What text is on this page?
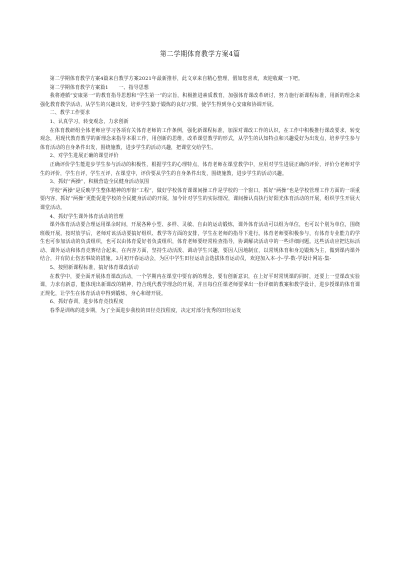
第二学期体育教学方案4篇

第二学期体育教学方案4篇来自教学方案2021年最新推荐，此文章来自精心整理，假如您喜欢，欢迎收藏一下吧。

第二学期体育教学方案篇1　　一、指导思想

我将遵循“安康第一”的教育指导思想和“学生第一”的宗旨，积极推进素质教育，加强体育课改革研讨，努力施行新课程标准，用新的理念来强化教育教学活动，从学生的兴趣出发，培养学生勤于锻炼的良好习惯，使学生得到身心安康和协调开展。

二、教学工作要求

1、认真学习，转变观念，力求创新

在体育教研组全体老师应学习各项有关体育老师的工作条例，强化新课程标准，加深对课改工作的认识，在工作中积极推行课改要求，转变观念，用现代教育教学的新理念来指导本职工作，用创新的思维，改革课堂教学的形式，从学生的认知特点和兴趣爱好为出发点，培养学生参与体育活动的自身条件出发，围绕施教，进步学生的活动兴趣，把课堂交给学生。

2、对学生进展正确的课堂评价

正确评价学生能进步学生参与活动的积极性，根据学生的心理特点，体育老师在课堂教学中，应用对学生进展正确的评价，评价分老师对学生的评价，学生自评，学生互评，在课堂中，评价要从学生的自身条件出发，围绕施教，进步学生的活动兴趣。

3、抓好“两操”，积极营造全民健身活动氛围

学校“两操”是反映学生整体精神的形窗“工程”，做好学校体育课课间操工作是学校的一个窗口，抓好“两操”也是学校管理工作方面的一项重要内容，抓好“两操”更能促进学校的全民健身活动的开展。加今针对学生的实际情况，课间操认真执行好阳光体育活动的开展，组织学生开展大课堂活动。

4、抓好学生课外体育活动的管理

课外体育活动要合理运用课余时间，开展各种小型、多样、灵敏、自由的运动锻炼，课外体育活动可以组为单位，也可以个别为单位，围绕班级开展。按时放学后，老师对该活动要搞好组织、教学等方面的安排，学生在老师的指导下进行。体育老师要积极参与，有体育专业能力的学生也可参加活动的负责组织，也可以由体育爱好者负责组织，体育老师要经常检查指导，协调解决活动中的一些详细问题。这些活动应把达标活动、课外运动和体育竞赛结合起来，在内容方面，坚持生动活泼、调动学生兴趣，要因人因地制宜，以常规体育和身边锻炼为主，做到课内课外结合，并有防止伤害事故的措施。3月初开春运动会，为区中学生田径运动会选拔体育运动员，欢迎加入本-小-学-数-学设计网站-集-

5、按照新课程标准，搞好体育课改活动

在教学中，要全面开展体育课改活动，一个学期内在课堂中要有新的理念，要有创新意识，在上好平时常规课的同时，还要上一堂课改实验课，力求有新意，能体现出新课改的精神，符合现代教学理念的开展，并且每位任课老师要拿出一份详细的教案和教学设计，进步授课的体育课正规化，让学生在体育活动中得到锻炼，身心和谐开展。

6、抓好春训，进步体育竞技程度

春季是训练的进步期，为了全面进步我校的田径竞技程度，决定对部分优秀的田径运发
